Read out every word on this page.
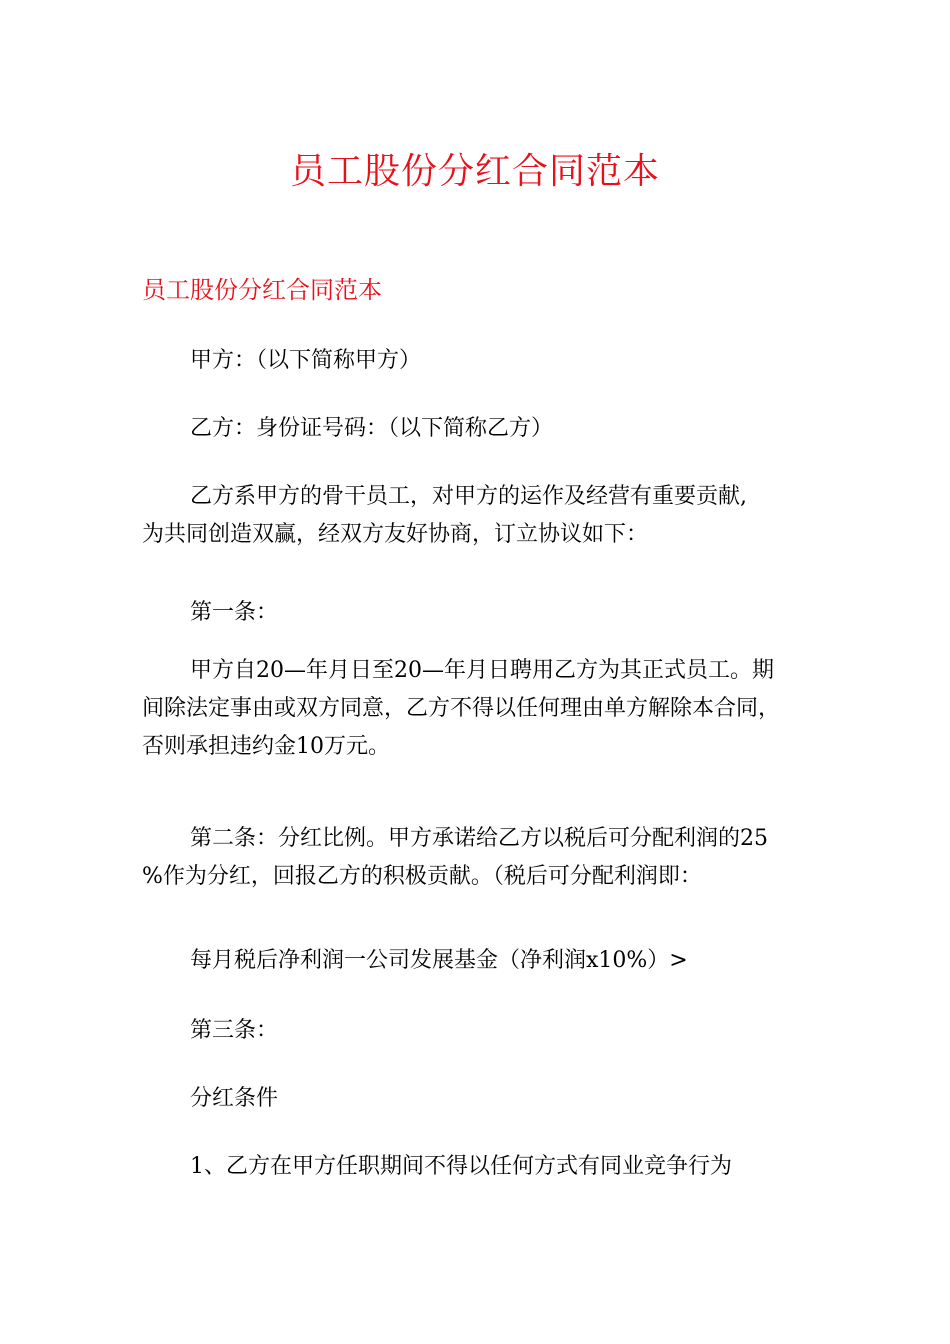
员工股份分红合同范本
员工股份分红合同范本

甲方：（以下简称甲方）

乙方：身份证号码：（以下简称乙方）

乙方系甲方的骨干员工，对甲方的运作及经营有重要贡献,
为共同创造双赢，经双方友好协商，订立协议如下：

第一条：

甲方自20—年月日至20—年月日聘用乙方为其正式员工。期
间除法定事由或双方同意，乙方不得以任何理由单方解除本合同，
否则承担违约金10万元。

第二条：分红比例。甲方承诺给乙方以税后可分配利润的25
%作为分红，回报乙方的积极贡献。（税后可分配利润即：

每月税后净利润一公司发展基金（净利润x10%）>

第三条：

分红条件

1、乙方在甲方任职期间不得以任何方式有同业竞争行为
